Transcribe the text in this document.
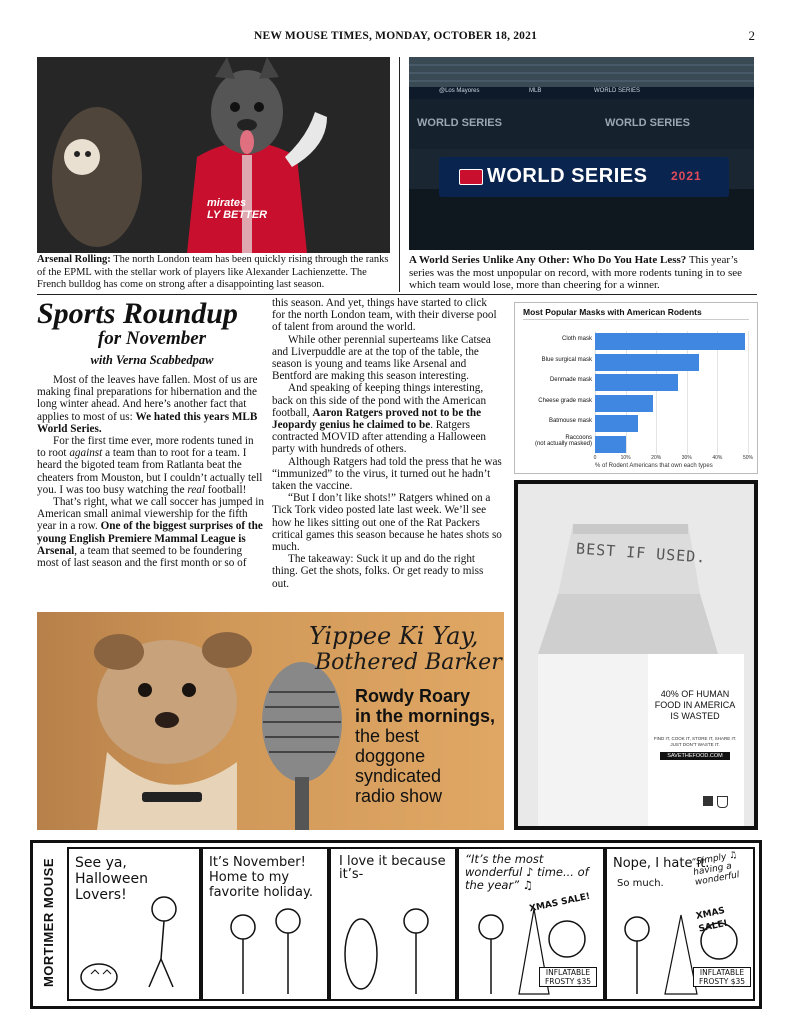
NEW MOUSE TIMES, MONDAY, OCTOBER 18, 2021	2
mirates
LY BETTER
Arsenal Rolling: The north London team has been quickly rising through the ranks of the EPML with the stellar work of players like Alexander Lachienzette. The French bulldog has come on strong after a disappointing last season.
@Los Mayores	MLB	WORLD SERIES
WORLD SERIES	WORLD SERIES
WORLD SERIES 2021
A World Series Unlike Any Other: Who Do You Hate Less? This year’s series was the most unpopular on record, with more rodents tuning in to see which team would lose, more than cheering for a winner.
Sports Roundup
for November
with Verna Scabbedpaw

Most of the leaves have fallen. Most of us are making final preparations for hibernation and the long winter ahead. And here’s another fact that applies to most of us: We hated this years MLB World Series.

For the first time ever, more rodents tuned in to root against a team than to root for a team. I heard the bigoted team from Ratlanta beat the cheaters from Mouston, but I couldn’t actually tell you. I was too busy watching the real football!

That’s right, what we call soccer has jumped in American small animal viewership for the fifth year in a row. One of the biggest surprises of the young English Premiere Mammal League is Arsenal, a team that seemed to be foundering most of last season and the first month or so of

this season. And yet, things have started to click for the north London team, with their diverse pool of talent from around the world.

While other perennial superteams like Catsea and Liverpuddle are at the top of the table, the season is young and teams like Arsenal and Bentford are making this season interesting.

And speaking of keeping things interesting, back on this side of the pond with the American football, Aaron Ratgers proved not to be the Jeopardy genius he claimed to be. Ratgers contracted MOVID after attending a Halloween party with hundreds of others.

Although Ratgers had told the press that he was “immunized” to the virus, it turned out he hadn’t taken the vaccine.

“But I don’t like shots!” Ratgers whined on a Tick Tork video posted late last week. We’ll see how he likes sitting out one of the Rat Packers critical games this season because he hates shots so much.

The takeaway: Suck it up and do the right thing. Get the shots, folks. Or get ready to miss out.

Most Popular Masks with American Rodents
0	10%	20%	30%	40%	50%
Cloth mask
Blue surgical mask
Denmade mask
Cheese grade mask
Batmouse mask
Raccoons
(not actually masked)
% of Rodent Americans that own each types
Yippee Ki Yay,
Bothered Barker
Rowdy Roary
in the mornings,
the best
doggone
syndicated
radio show
BEST IF USED.
40% OF HUMAN
FOOD IN AMERICA
IS WASTED
FIND IT, COOK IT, STORE IT, SHARE IT.
JUST DON’T WASTE IT.
SAVETHEFOOD.COM
MORTIMER MOUSE See ya, Halloween Lovers!
It’s November! Home to my favorite holiday.
I love it because it’s-
“It’s the most wonderful ♪ time... of the year” ♫
XMAS SALE!
INFLATABLE FROSTY $35
Nope, I hate it.
So much.
“Simply ♫ having a wonderful
XMAS SALE!
INFLATABLE FROSTY $35
